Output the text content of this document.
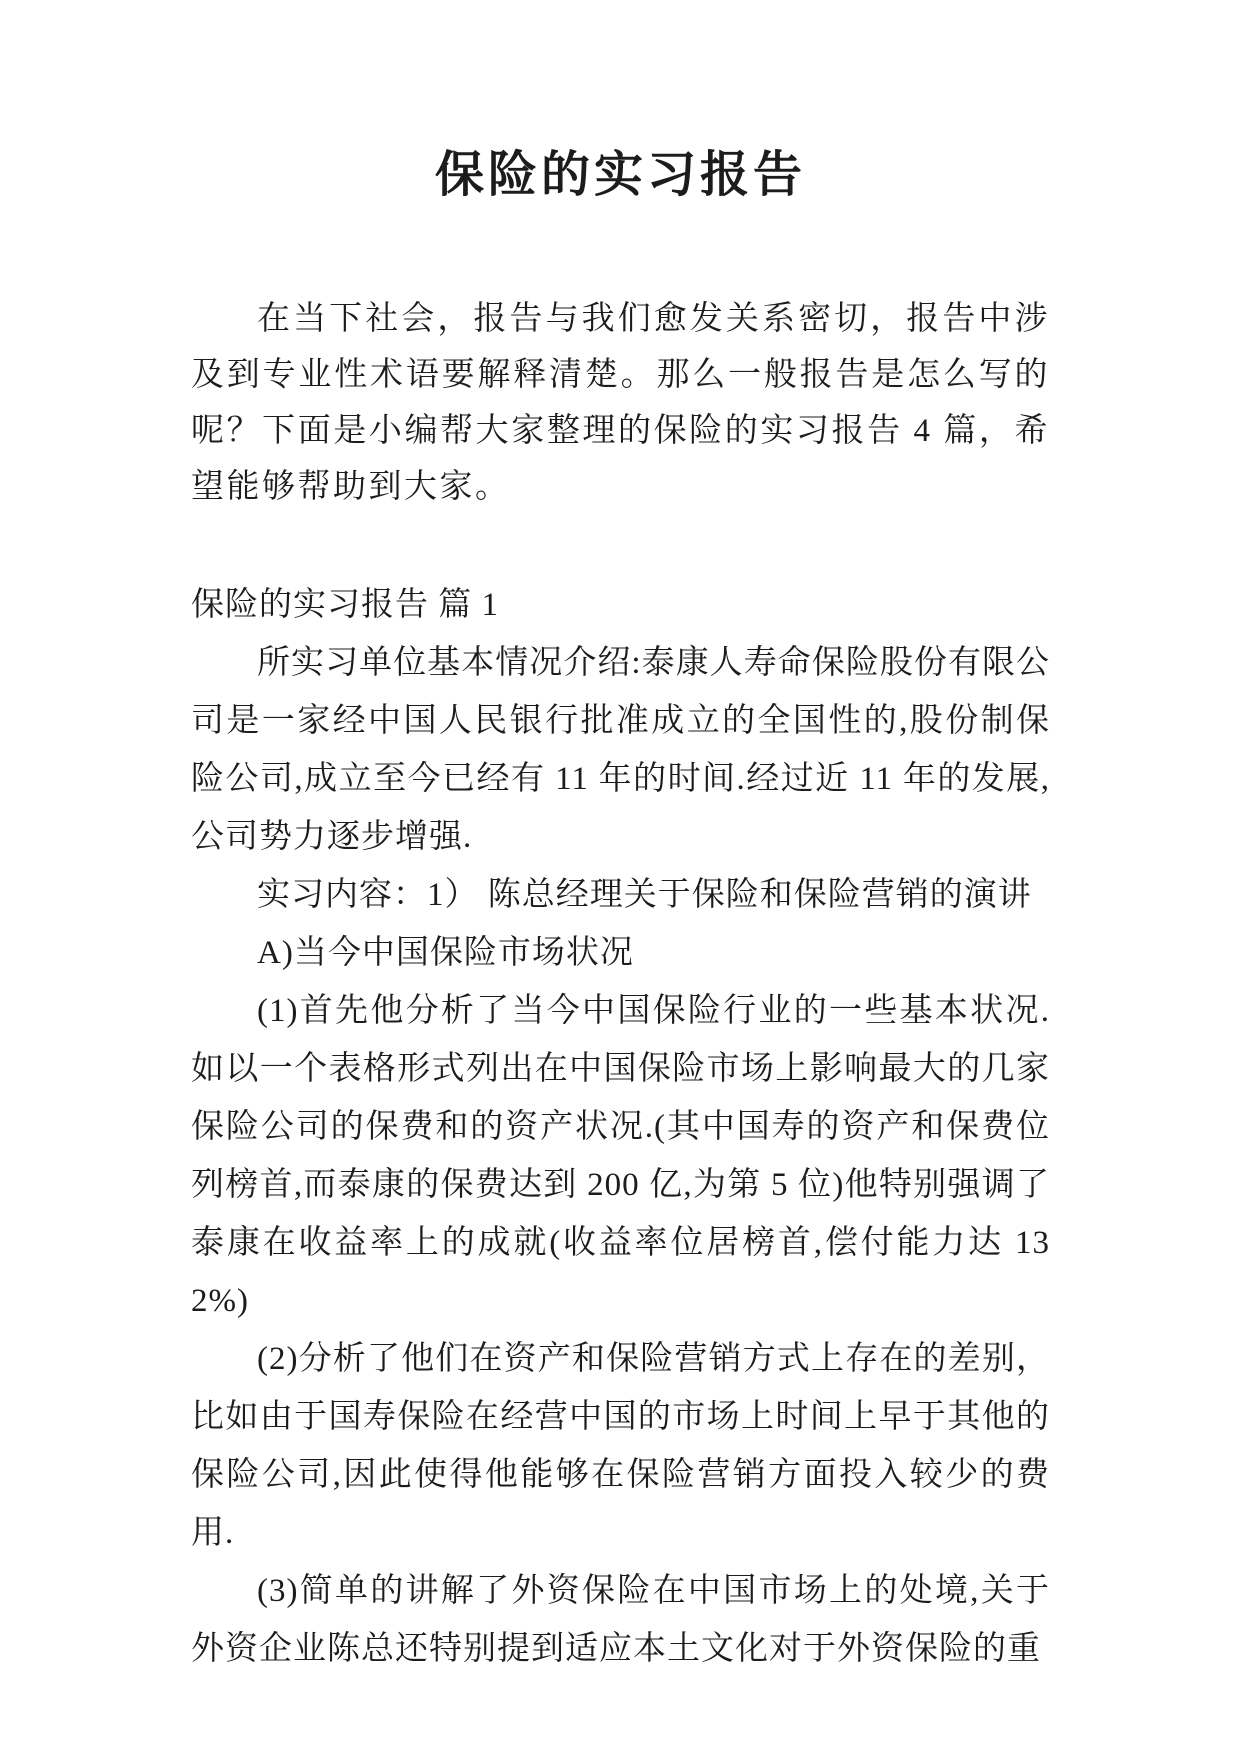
保险的实习报告

在当下社会，报告与我们愈发关系密切，报告中涉及到专业性术语要解释清楚。那么一般报告是怎么写的呢？下面是小编帮大家整理的保险的实习报告 4 篇，希望能够帮助到大家。

保险的实习报告 篇 1

所实习单位基本情况介绍:泰康人寿命保险股份有限公司是一家经中国人民银行批准成立的全国性的,股份制保险公司,成立至今已经有 11 年的时间.经过近 11 年的发展,公司势力逐步增强.

实习内容：1） 陈总经理关于保险和保险营销的演讲

A)当今中国保险市场状况

(1)首先他分析了当今中国保险行业的一些基本状况.如以一个表格形式列出在中国保险市场上影响最大的几家保险公司的保费和的资产状况.(其中国寿的资产和保费位列榜首,而泰康的保费达到 200 亿,为第 5 位)他特别强调了泰康在收益率上的成就(收益率位居榜首,偿付能力达 132%)

(2)分析了他们在资产和保险营销方式上存在的差别，比如由于国寿保险在经营中国的市场上时间上早于其他的保险公司,因此使得他能够在保险营销方面投入较少的费用.

(3)简单的讲解了外资保险在中国市场上的处境,关于外资企业陈总还特别提到适应本土文化对于外资保险的重
